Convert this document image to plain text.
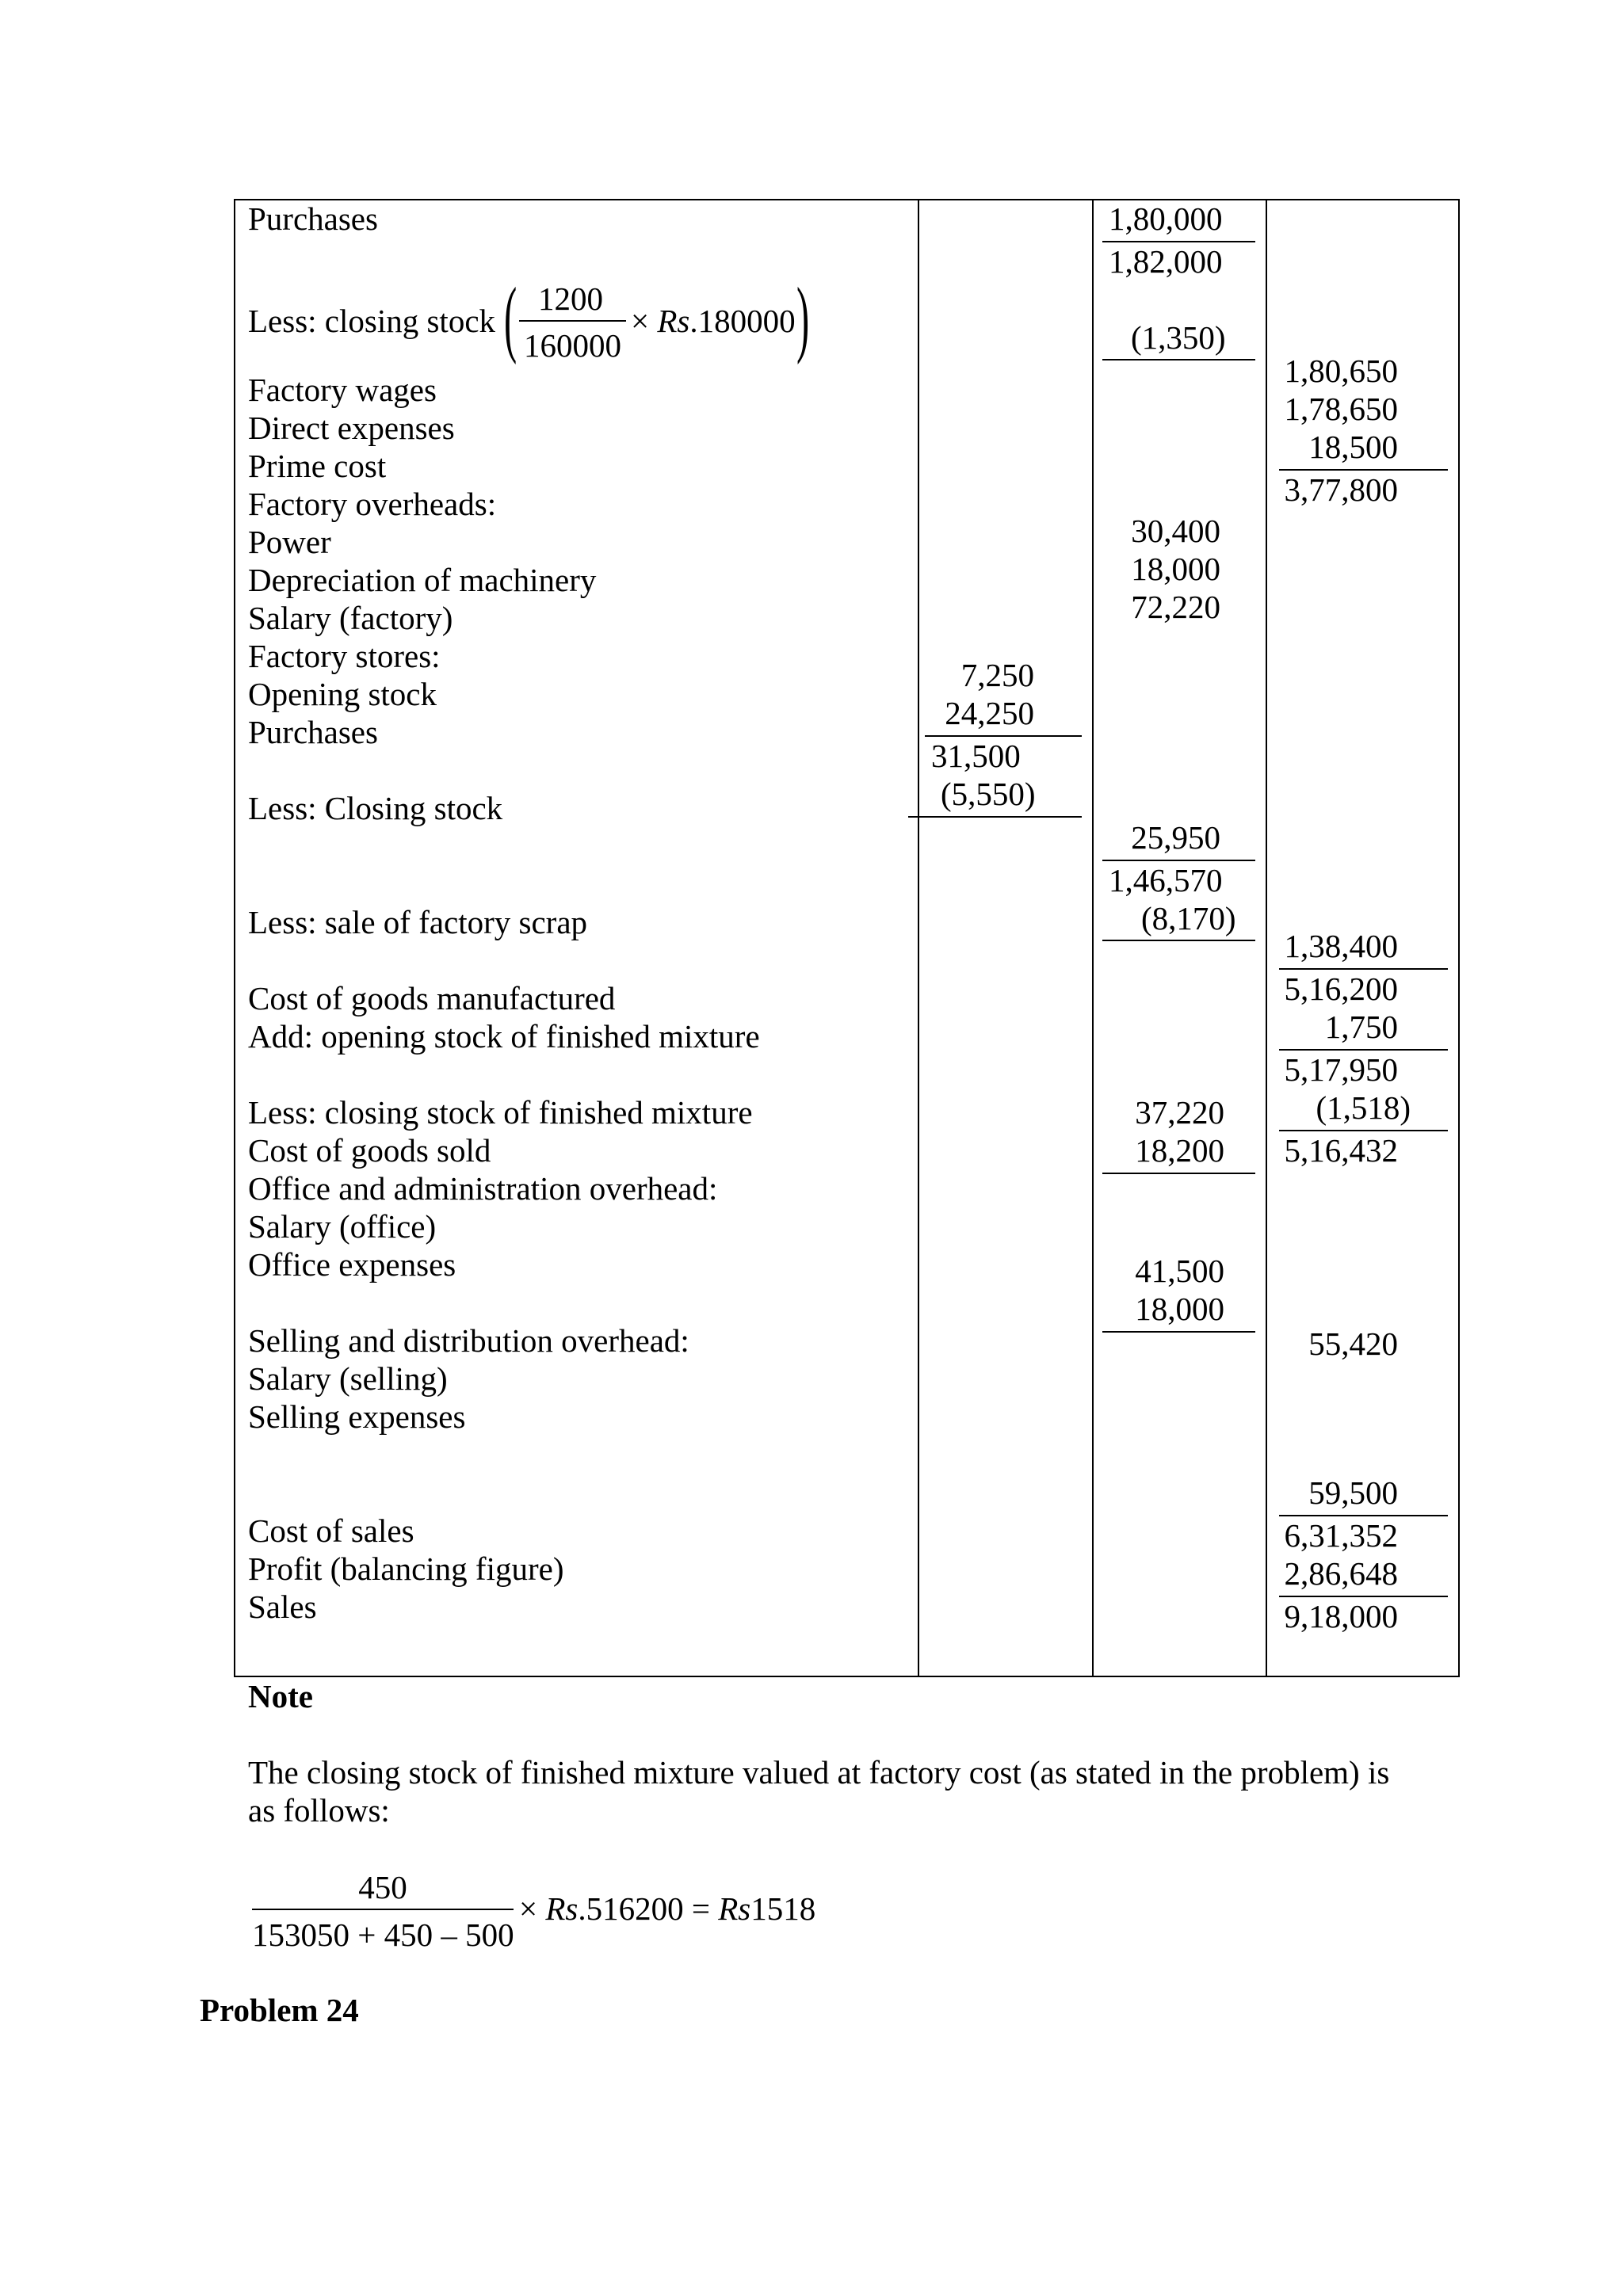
Purchases
Less: closing stock
Factory wages
Direct expenses
Prime cost
Factory overheads:
Power
Depreciation of machinery
Salary (factory)
Factory stores:
Opening stock
Purchases
Less: Closing stock
Less: sale of factory scrap
Cost of goods manufactured
Add: opening stock of finished mixture
Less: closing stock of finished mixture
Cost of goods sold
Office and administration overhead:
Salary (office)
Office expenses
Selling and distribution overhead:
Salary (selling)
Selling expenses
Cost of sales
Profit (balancing figure)
Sales
( 1200
160000
× Rs.180000 )
7,250
24,250
31,500
(5,550)
1,80,000
1,82,000
(1,350)
30,400
18,000
72,220
25,950
1,46,570
(8,170)
37,220
18,200
41,500
18,000
1,80,650
1,78,650
18,500
3,77,800
1,38,400
5,16,200
1,750
5,17,950
(1,518)
5,16,432
55,420
59,500
6,31,352
2,86,648
9,18,000
Note
The closing stock of finished mixture valued at factory cost (as stated in the problem) is
as follows:
450
153050 + 450 – 500
× Rs.516200 = Rs1518
Problem 24
